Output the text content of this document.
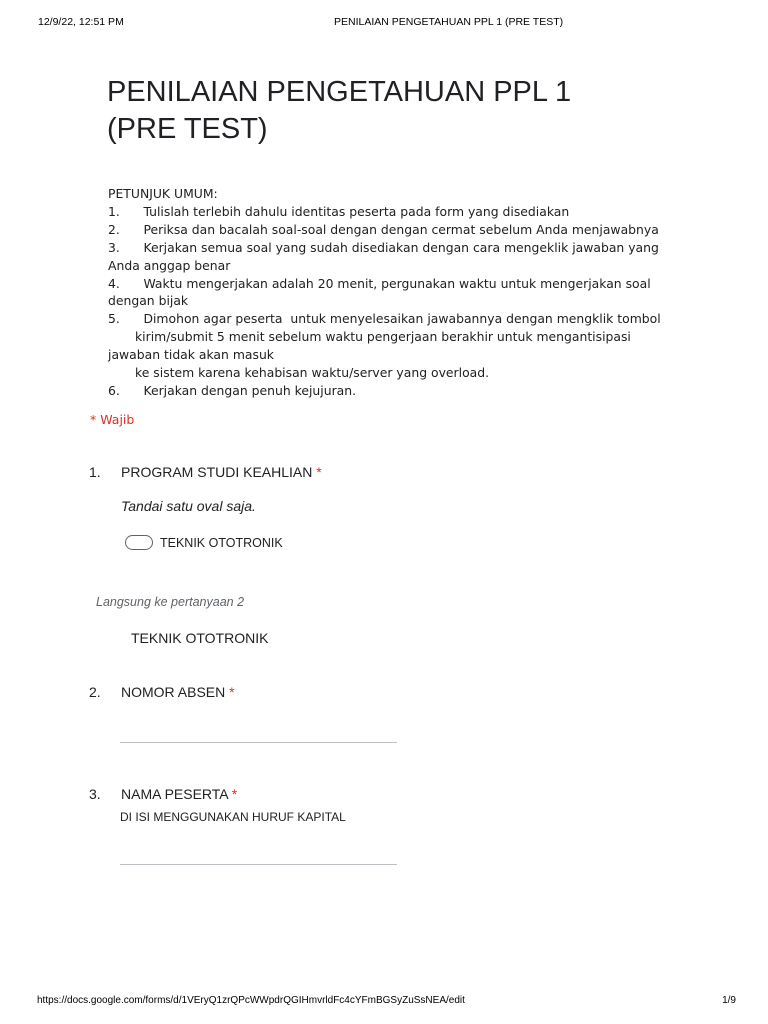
12/9/22, 12:51 PM	PENILAIAN PENGETAHUAN PPL 1 (PRE TEST)
PENILAIAN PENGETAHUAN PPL 1
(PRE TEST)
PETUNJUK UMUM:
1.      Tulislah terlebih dahulu identitas peserta pada form yang disediakan
2.      Periksa dan bacalah soal-soal dengan dengan cermat sebelum Anda menjawabnya
3.      Kerjakan semua soal yang sudah disediakan dengan cara mengeklik jawaban yang
Anda anggap benar
4.      Waktu mengerjakan adalah 20 menit, pergunakan waktu untuk mengerjakan soal
dengan bijak
5.      Dimohon agar peserta  untuk menyelesaikan jawabannya dengan mengklik tombol
kirim/submit 5 menit sebelum waktu pengerjaan berakhir untuk mengantisipasi
jawaban tidak akan masuk
ke sistem karena kehabisan waktu/server yang overload.
6.      Kerjakan dengan penuh kejujuran.
* Wajib
1. PROGRAM STUDI KEAHLIAN *
Tandai satu oval saja.
TEKNIK OTOTRONIK
Langsung ke pertanyaan 2
TEKNIK OTOTRONIK
2. NOMOR ABSEN *
3. NAMA PESERTA *
DI ISI MENGGUNAKAN HURUF KAPITAL
https://docs.google.com/forms/d/1VEryQ1zrQPcWWpdrQGIHmvrldFc4cYFmBGSyZuSsNEA/edit	1/9
